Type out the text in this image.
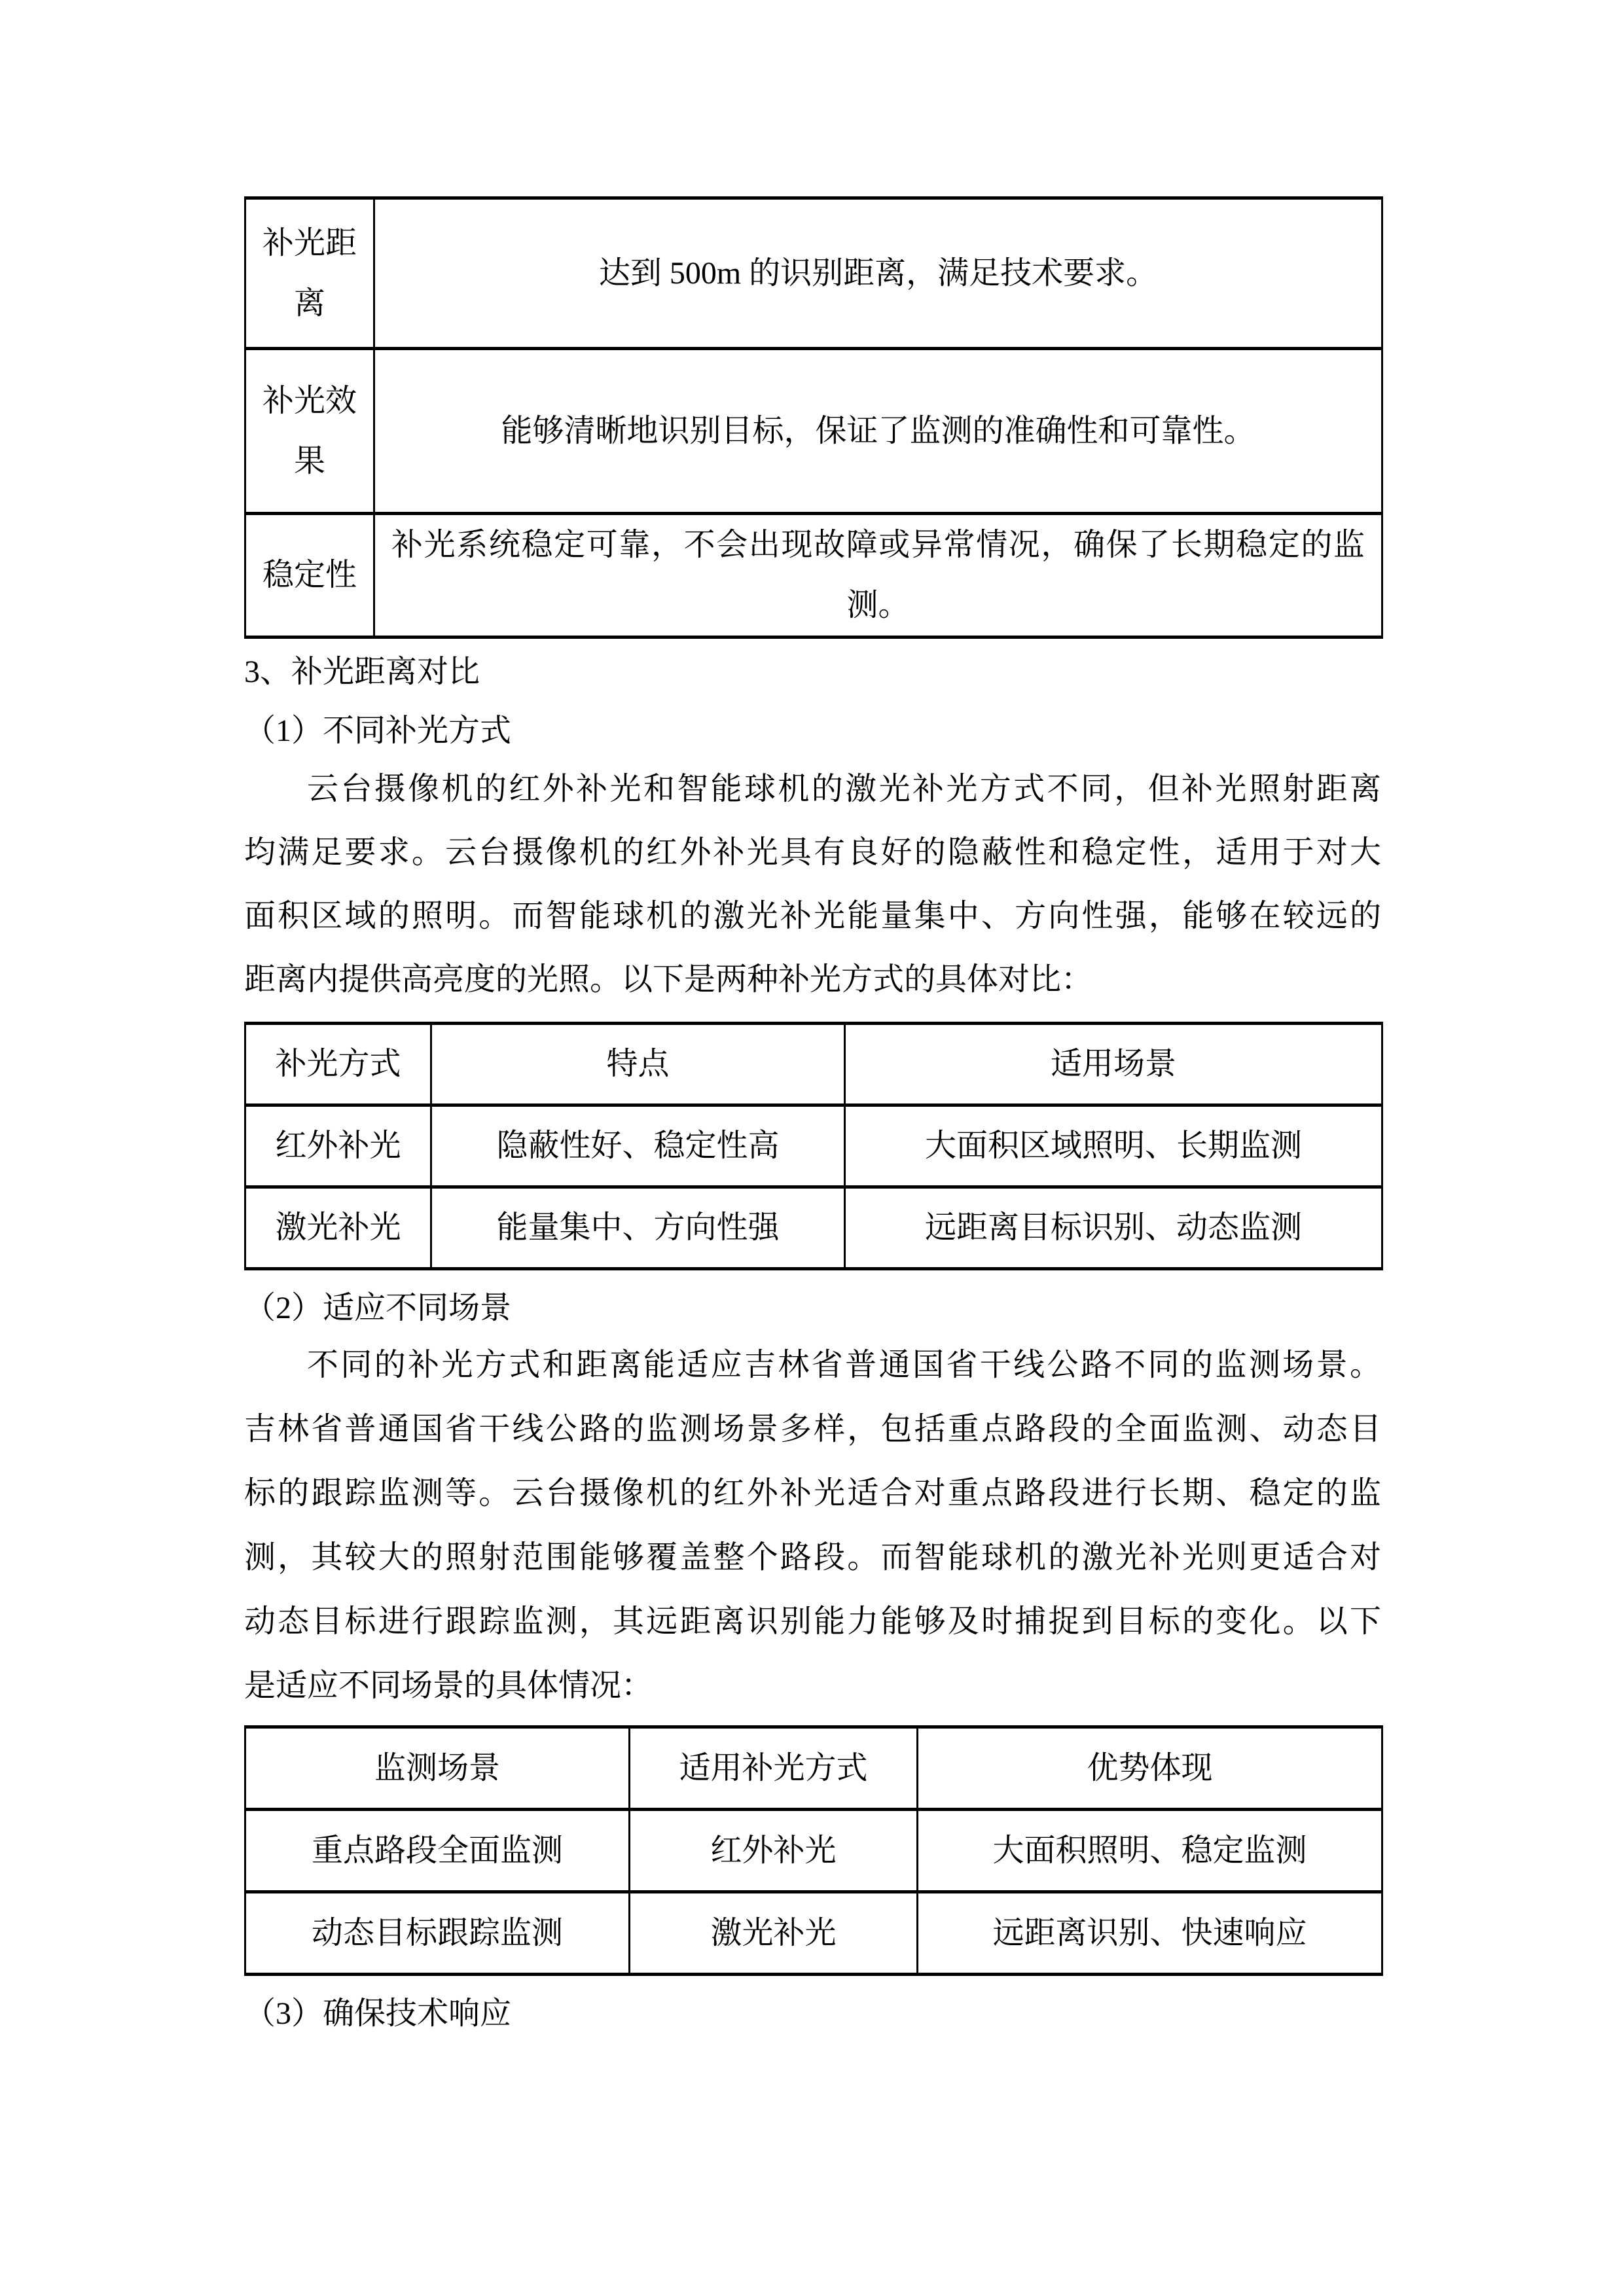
补光距
离	达到 500m 的识别距离，满足技术要求。

补光效
果	能够清晰地识别目标，保证了监测的准确性和可靠性。

稳定性	补光系统稳定可靠，不会出现故障或异常情况，确保了长期稳定的监
测。
3、补光距离对比
（1）不同补光方式
云台摄像机的红外补光和智能球机的激光补光方式不同，但补光照射距离
均满足要求。云台摄像机的红外补光具有良好的隐蔽性和稳定性，适用于对大
面积区域的照明。而智能球机的激光补光能量集中、方向性强，能够在较远的
距离内提供高亮度的光照。以下是两种补光方式的具体对比：
补光方式	特点	适用场景
红外补光	隐蔽性好、稳定性高	大面积区域照明、长期监测
激光补光	能量集中、方向性强	远距离目标识别、动态监测
（2）适应不同场景
不同的补光方式和距离能适应吉林省普通国省干线公路不同的监测场景。
吉林省普通国省干线公路的监测场景多样，包括重点路段的全面监测、动态目
标的跟踪监测等。云台摄像机的红外补光适合对重点路段进行长期、稳定的监
测，其较大的照射范围能够覆盖整个路段。而智能球机的激光补光则更适合对
动态目标进行跟踪监测，其远距离识别能力能够及时捕捉到目标的变化。以下
是适应不同场景的具体情况：
监测场景	适用补光方式	优势体现
重点路段全面监测	红外补光	大面积照明、稳定监测
动态目标跟踪监测	激光补光	远距离识别、快速响应
（3）确保技术响应
